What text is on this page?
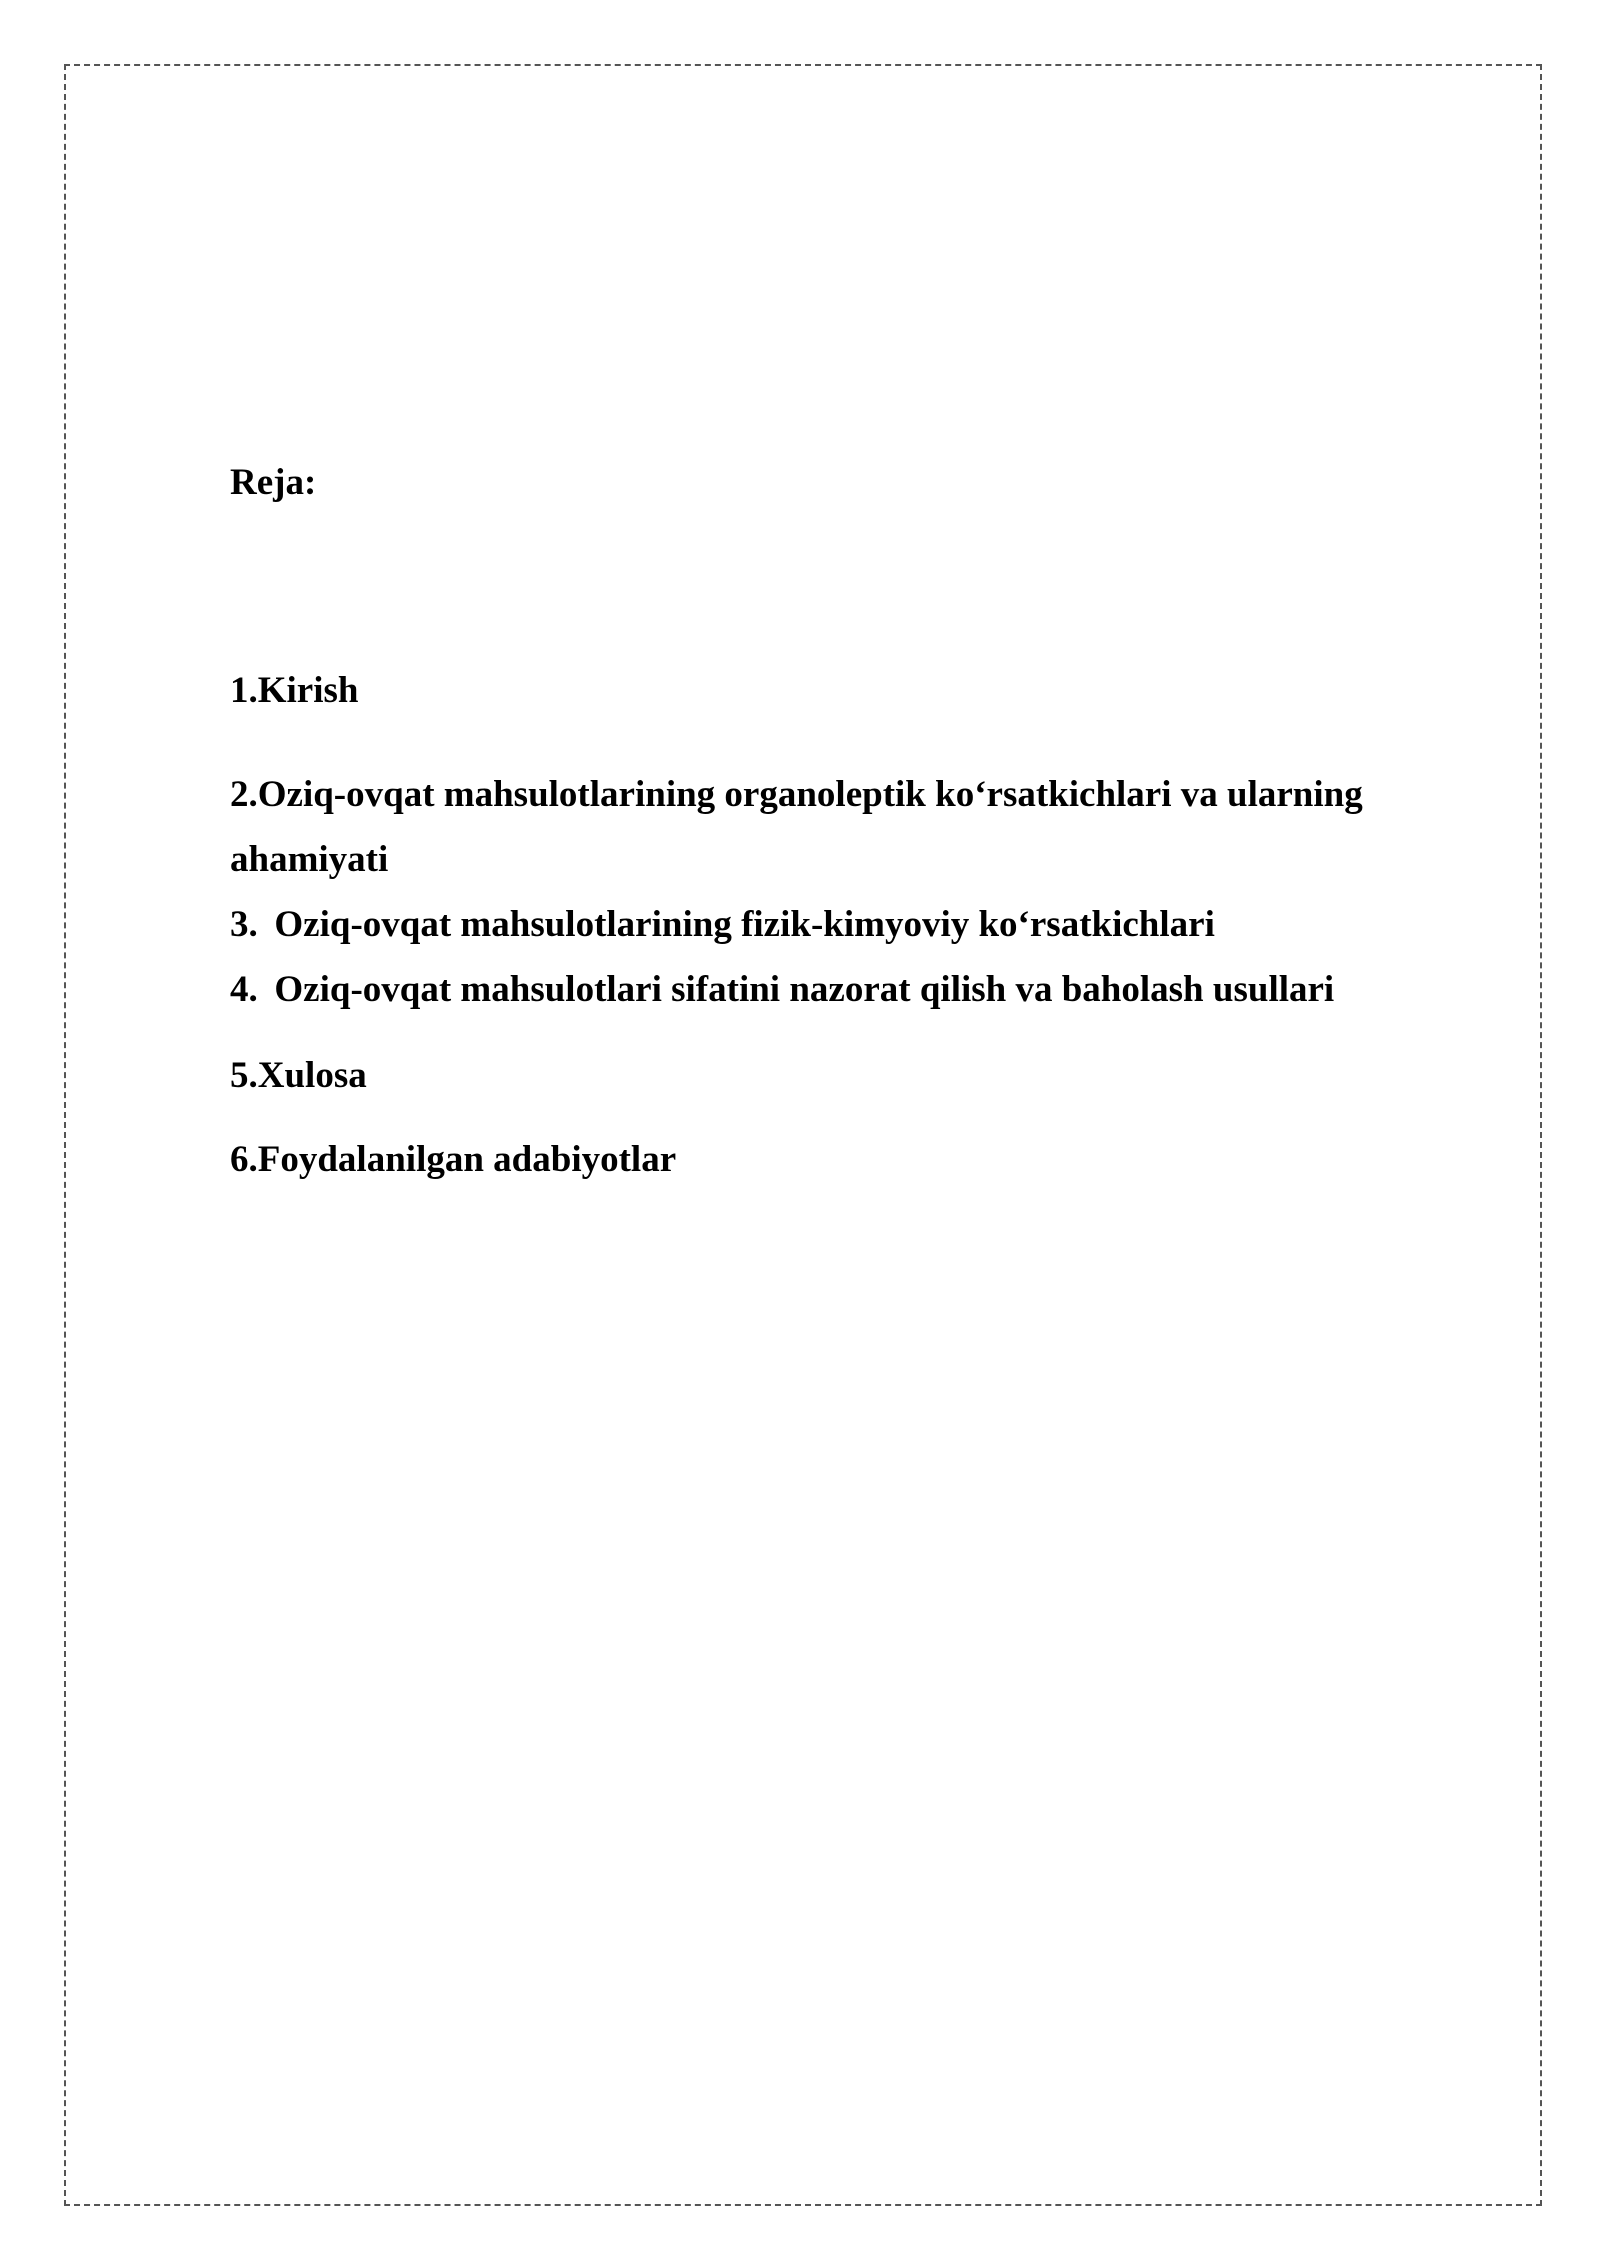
Reja:
1.Kirish
2.Oziq-ovqat mahsulotlarining organoleptik ko‘rsatkichlari va ularning
ahamiyati
3. Oziq-ovqat mahsulotlarining fizik-kimyoviy ko‘rsatkichlari
4. Oziq-ovqat mahsulotlari sifatini nazorat qilish va baholash usullari
5.Xulosa
6.Foydalanilgan adabiyotlar
